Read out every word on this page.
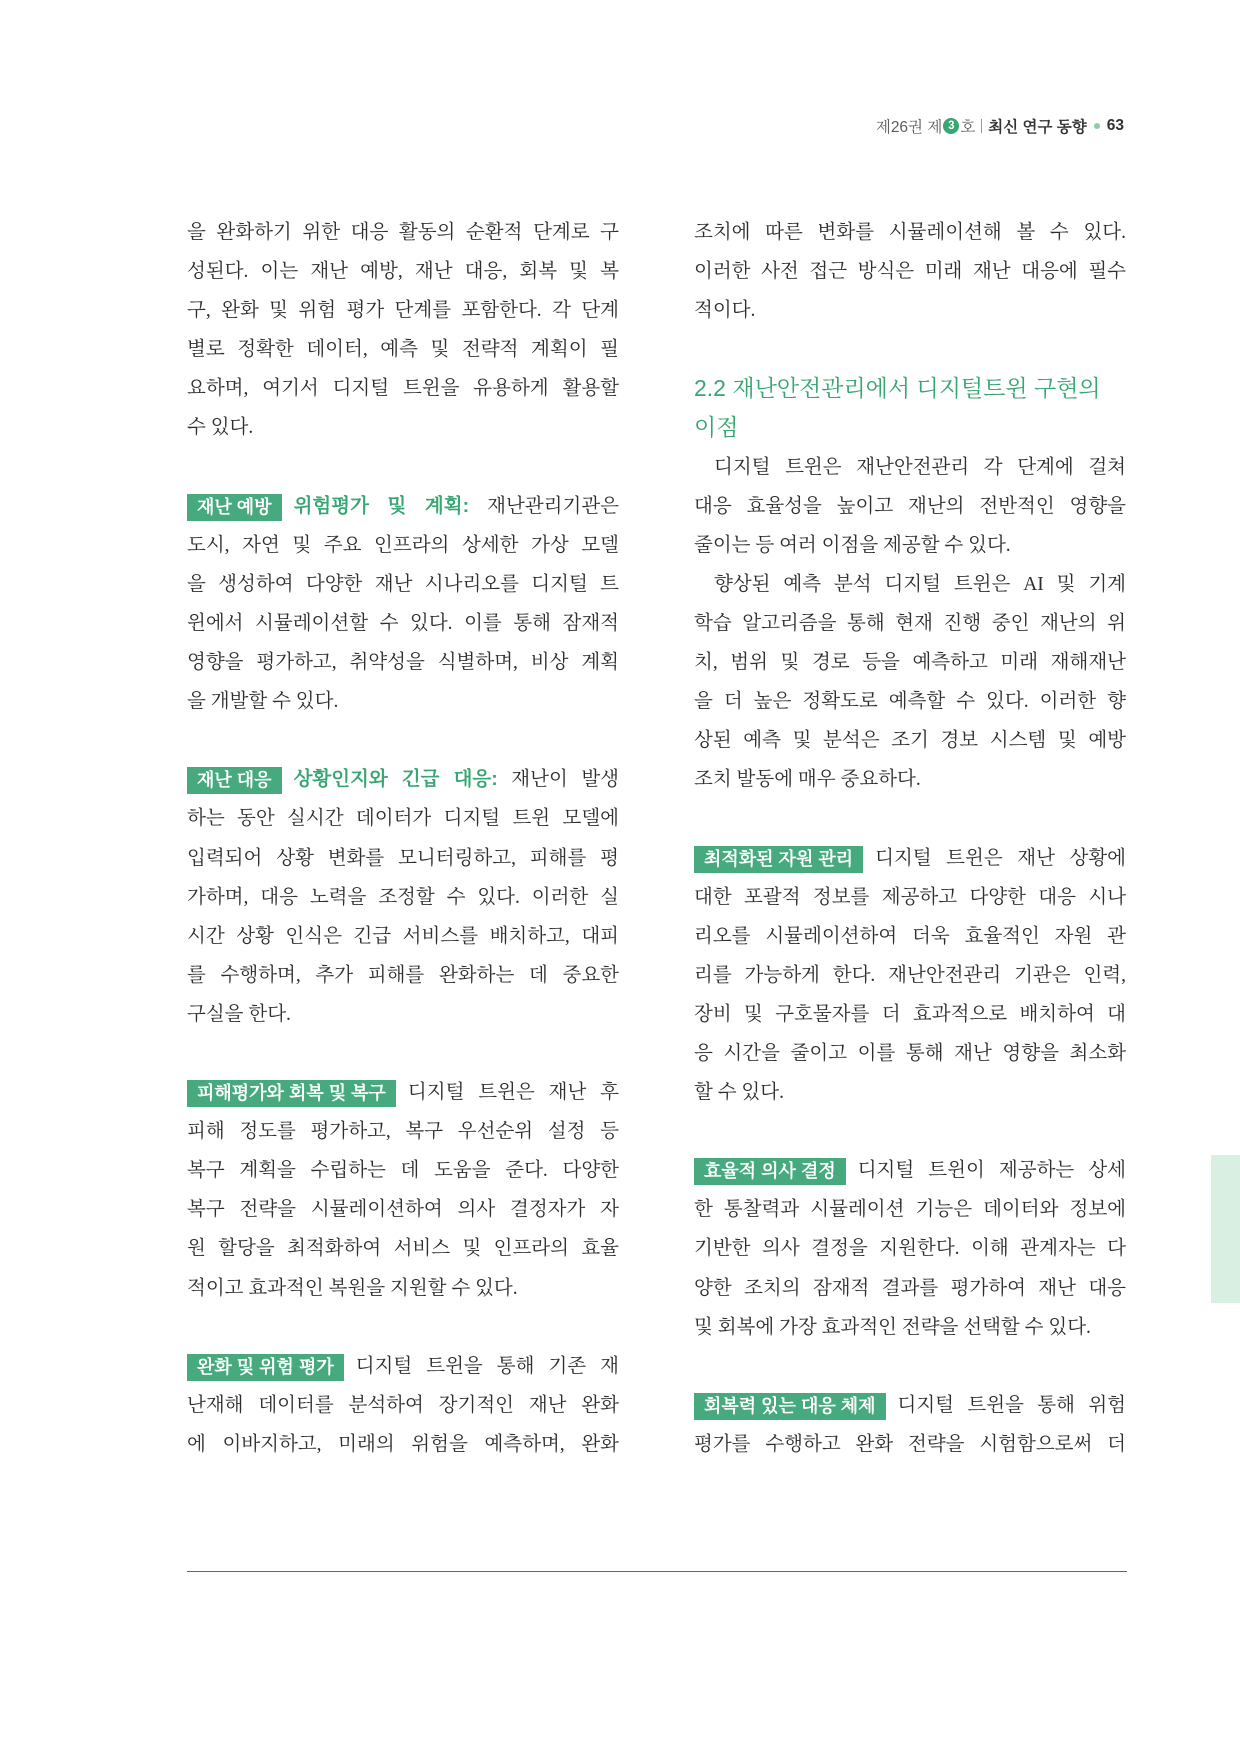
제26권 제 3 호 최신 연구 동향 63
을 완화하기 위한 대응 활동의 순환적 단계로 구
성된다. 이는 재난 예방, 재난 대응, 회복 및 복
구, 완화 및 위험 평가 단계를 포함한다. 각 단계
별로 정확한 데이터, 예측 및 전략적 계획이 필
요하며, 여기서 디지털 트윈을 유용하게 활용할
수 있다.
재난 예방 위험평가 및 계획: 재난관리기관은
도시, 자연 및 주요 인프라의 상세한 가상 모델
을 생성하여 다양한 재난 시나리오를 디지털 트
윈에서 시뮬레이션할 수 있다. 이를 통해 잠재적
영향을 평가하고, 취약성을 식별하며, 비상 계획
을 개발할 수 있다.
재난 대응 상황인지와 긴급 대응: 재난이 발생
하는 동안 실시간 데이터가 디지털 트윈 모델에
입력되어 상황 변화를 모니터링하고, 피해를 평
가하며, 대응 노력을 조정할 수 있다. 이러한 실
시간 상황 인식은 긴급 서비스를 배치하고, 대피
를 수행하며, 추가 피해를 완화하는 데 중요한
구실을 한다.
피해평가와 회복 및 복구 디지털 트윈은 재난 후
피해 정도를 평가하고, 복구 우선순위 설정 등
복구 계획을 수립하는 데 도움을 준다. 다양한
복구 전략을 시뮬레이션하여 의사 결정자가 자
원 할당을 최적화하여 서비스 및 인프라의 효율
적이고 효과적인 복원을 지원할 수 있다.
완화 및 위험 평가 디지털 트윈을 통해 기존 재
난재해 데이터를 분석하여 장기적인 재난 완화
에 이바지하고, 미래의 위험을 예측하며, 완화
조치에 따른 변화를 시뮬레이션해 볼 수 있다.
이러한 사전 접근 방식은 미래 재난 대응에 필수
적이다.
2.2 재난안전관리에서 디지털트윈 구현의
이점
디지털 트윈은 재난안전관리 각 단계에 걸쳐
대응 효율성을 높이고 재난의 전반적인 영향을
줄이는 등 여러 이점을 제공할 수 있다.
향상된 예측 분석 디지털 트윈은 AI 및 기계
학습 알고리즘을 통해 현재 진행 중인 재난의 위
치, 범위 및 경로 등을 예측하고 미래 재해재난
을 더 높은 정확도로 예측할 수 있다. 이러한 향
상된 예측 및 분석은 조기 경보 시스템 및 예방
조치 발동에 매우 중요하다.
최적화된 자원 관리 디지털 트윈은 재난 상황에
대한 포괄적 정보를 제공하고 다양한 대응 시나
리오를 시뮬레이션하여 더욱 효율적인 자원 관
리를 가능하게 한다. 재난안전관리 기관은 인력,
장비 및 구호물자를 더 효과적으로 배치하여 대
응 시간을 줄이고 이를 통해 재난 영향을 최소화
할 수 있다.
효율적 의사 결정 디지털 트윈이 제공하는 상세
한 통찰력과 시뮬레이션 기능은 데이터와 정보에
기반한 의사 결정을 지원한다. 이해 관계자는 다
양한 조치의 잠재적 결과를 평가하여 재난 대응
및 회복에 가장 효과적인 전략을 선택할 수 있다.
회복력 있는 대응 체제 디지털 트윈을 통해 위험
평가를 수행하고 완화 전략을 시험함으로써 더
